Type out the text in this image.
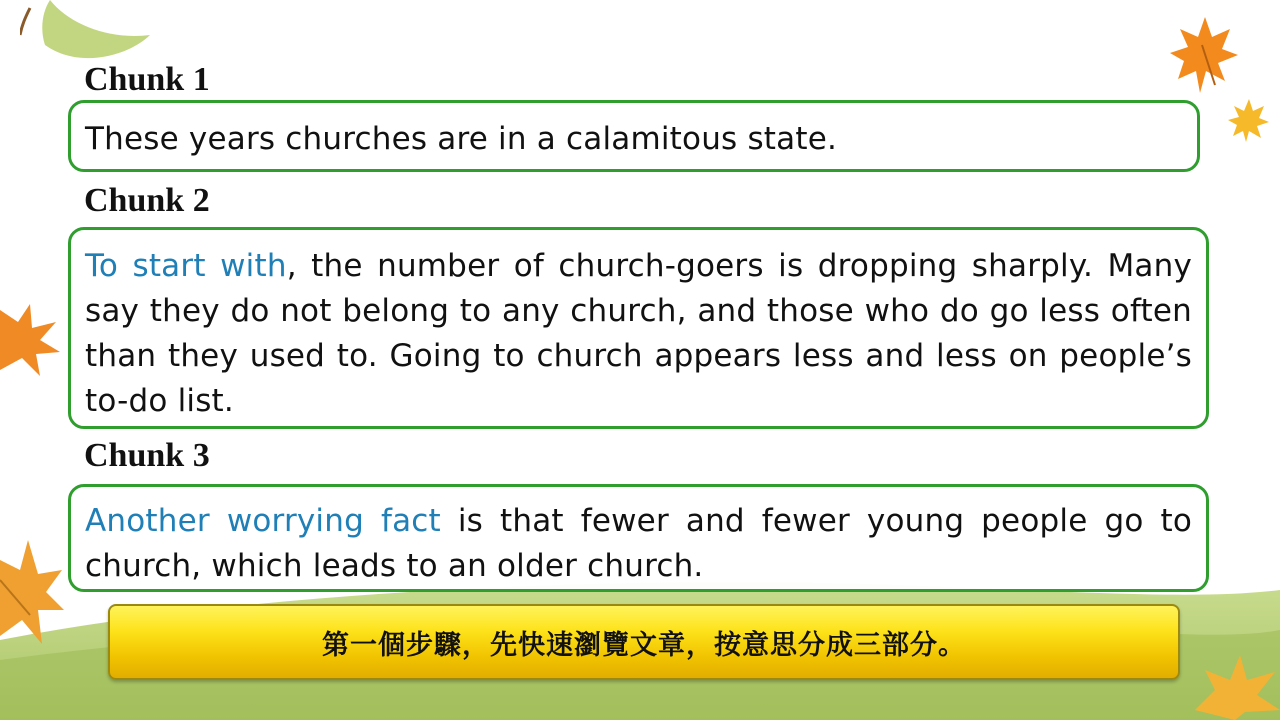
Chunk 1

These years churches are in a calamitous state.

Chunk 2

To start with, the number of church-goers is dropping sharply. Many say they do not belong to any church, and those who do go less often than they used to. Going to church appears less and less on people’s to-do list.

Chunk 3

Another worrying fact is that fewer and fewer young people go to church, which leads to an older church.

第一個步驟，先快速瀏覽文章，按意思分成三部分。
